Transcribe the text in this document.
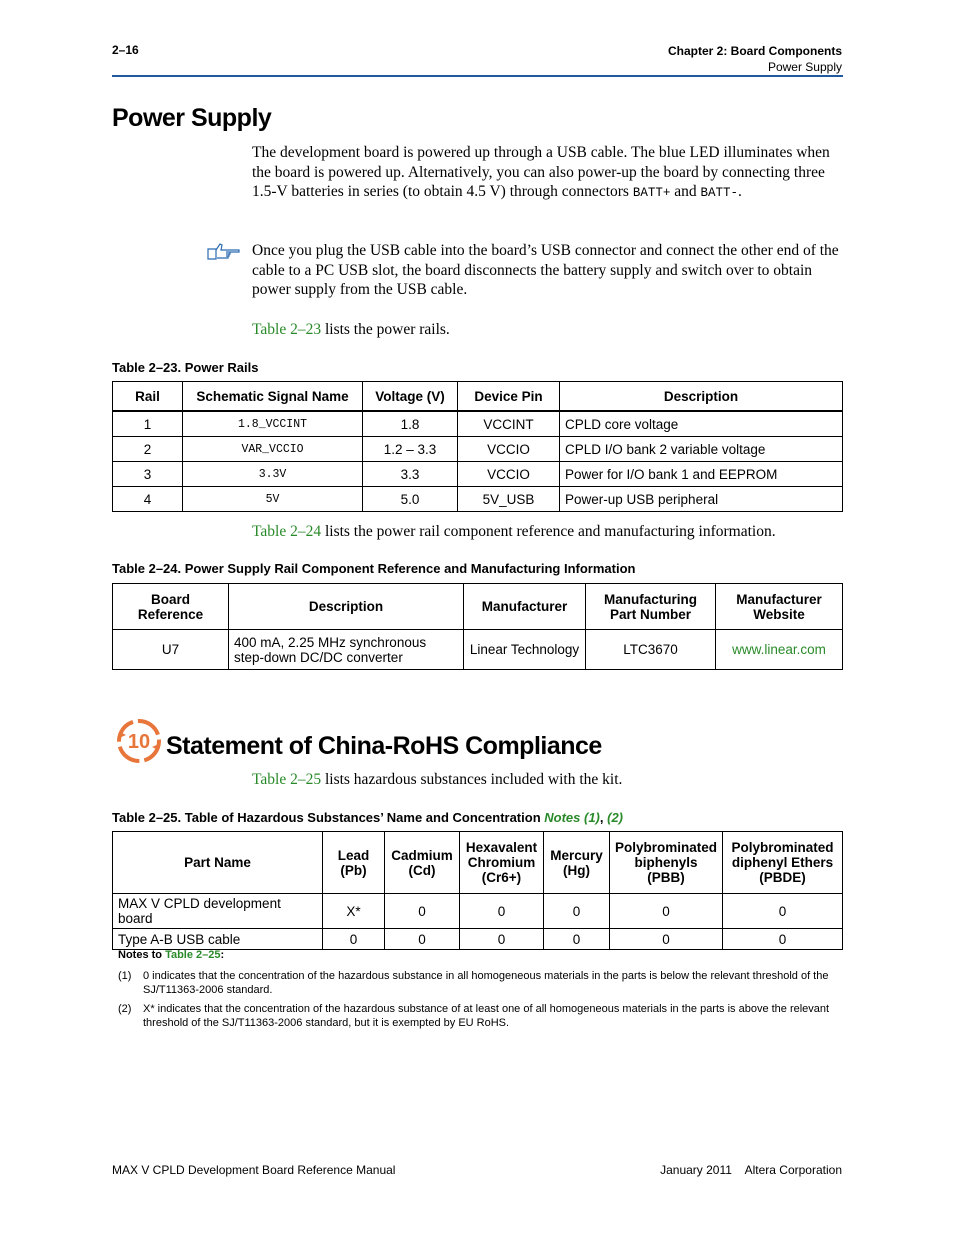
2–16	Chapter 2: Board Components
Power Supply
Power Supply
The development board is powered up through a USB cable. The blue LED illuminates when the board is powered up. Alternatively, you can also power-up the board by connecting three 1.5-V batteries in series (to obtain 4.5 V) through connectors BATT+ and BATT-.
Once you plug the USB cable into the board’s USB connector and connect the other end of the cable to a PC USB slot, the board disconnects the battery supply and switch over to obtain power supply from the USB cable.
Table 2–23 lists the power rails.
Table 2–23. Power Rails
Rail	Schematic Signal Name	Voltage (V)	Device Pin	Description
1	1.8_VCCINT	1.8	VCCINT	CPLD core voltage
2	VAR_VCCIO	1.2 – 3.3	VCCIO	CPLD I/O bank 2 variable voltage
3	3.3V	3.3	VCCIO	Power for I/O bank 1 and EEPROM
4	5V	5.0	5V_USB	Power-up USB peripheral
Table 2–24 lists the power rail component reference and manufacturing information.
Table 2–24. Power Supply Rail Component Reference and Manufacturing Information
Board Reference	Description	Manufacturer	Manufacturing Part Number	Manufacturer Website
U7	400 mA, 2.25 MHz synchronous step-down DC/DC converter	Linear Technology	LTC3670	www.linear.com
10 Statement of China-RoHS Compliance
Table 2–25 lists hazardous substances included with the kit.
Table 2–25. Table of Hazardous Substances’ Name and Concentration Notes (1), (2)
Part Name	Lead (Pb)	Cadmium (Cd)	Hexavalent Chromium (Cr6+)	Mercury (Hg)	Polybrominated biphenyls (PBB)	Polybrominated diphenyl Ethers (PBDE)
MAX V CPLD development board	X*	0	0	0	0	0
Type A-B USB cable	0	0	0	0	0	0
Notes to Table 2–25:
(1) 0 indicates that the concentration of the hazardous substance in all homogeneous materials in the parts is below the relevant threshold of the SJ/T11363-2006 standard.
(2) X* indicates that the concentration of the hazardous substance of at least one of all homogeneous materials in the parts is above the relevant threshold of the SJ/T11363-2006 standard, but it is exempted by EU RoHS.
MAX V CPLD Development Board Reference Manual	January 2011    Altera Corporation
